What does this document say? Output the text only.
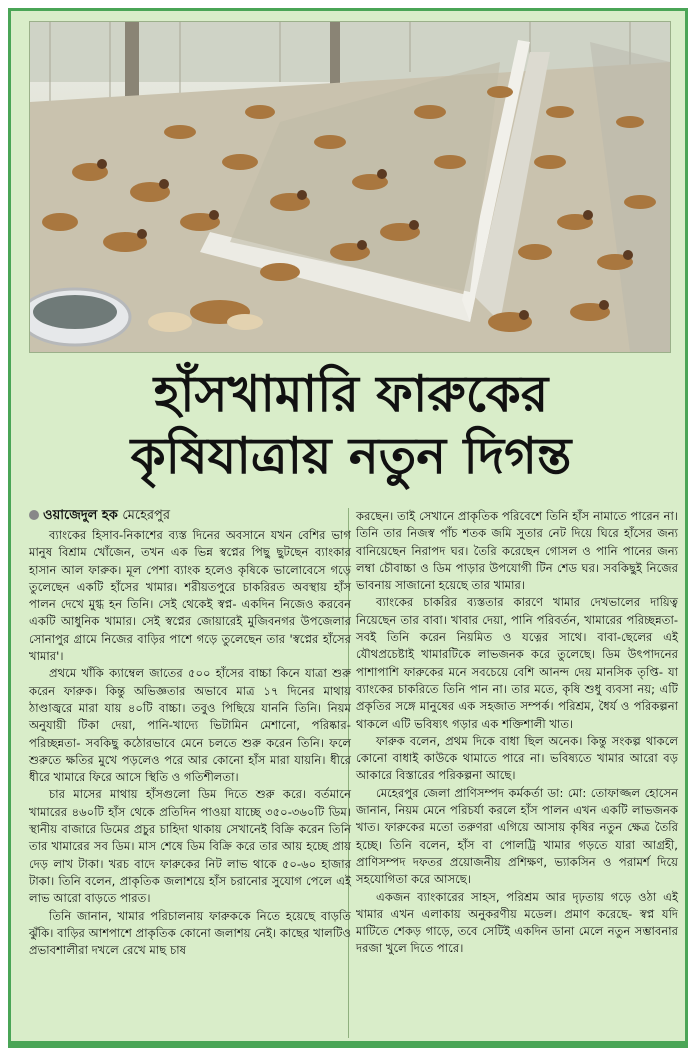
হাঁসখামারি ফারুকের
কৃষিযাত্রায় নতুন দিগন্ত
ওয়াজেদুল হক মেহেরপুর

ব্যাংকের হিসাব-নিকাশের ব্যস্ত দিনের অবসানে যখন বেশির ভাগ মানুষ বিশ্রাম খোঁজেন, তখন এক ভিন্ন স্বপ্নের পিছু ছুটছেন ব্যাংকার হাসান আল ফারুক। মূল পেশা ব্যাংক হলেও কৃষিকে ভালোবেসে গড়ে তুলেছেন একটি হাঁসের খামার। শরীয়তপুরে চাকরিরত অবস্থায় হাঁস পালন দেখে মুগ্ধ হন তিনি। সেই থেকেই স্বপ্ন- একদিন নিজেও করবেন একটি আধুনিক খামার। সেই স্বপ্নের জোয়ারেই মুজিবনগর উপজেলার সোনাপুর গ্রামে নিজের বাড়ির পাশে গড়ে তুলেছেন তার 'স্বপ্নের হাঁসের খামার'।

প্রথমে খাঁকি ক্যাম্বেল জাতের ৫০০ হাঁসের বাচ্চা কিনে যাত্রা শুরু করেন ফারুক। কিন্তু অভিজ্ঞতার অভাবে মাত্র ১৭ দিনের মাথায় ঠাণ্ডাজ্বরে মারা যায় ৪০টি বাচ্চা। তবুও পিছিয়ে যাননি তিনি। নিয়ম অনুযায়ী টিকা দেয়া, পানি-খাদ্যে ভিটামিন মেশানো, পরিষ্কার-পরিচ্ছন্নতা- সবকিছু কঠোরভাবে মেনে চলতে শুরু করেন তিনি। ফলে শুরুতে ক্ষতির মুখে পড়লেও পরে আর কোনো হাঁস মারা যায়নি। ধীরে ধীরে খামারে ফিরে আসে স্থিতি ও গতিশীলতা।

চার মাসের মাথায় হাঁসগুলো ডিম দিতে শুরু করে। বর্তমানে খামারের ৪৬০টি হাঁস থেকে প্রতিদিন পাওয়া যাচ্ছে ৩৫০-৩৬০টি ডিম। স্থানীয় বাজারে ডিমের প্রচুর চাহিদা থাকায় সেখানেই বিক্রি করেন তিনি তার খামারের সব ডিম। মাস শেষে ডিম বিক্রি করে তার আয় হচ্ছে প্রায় দেড় লাখ টাকা। খরচ বাদে ফারুকের নিট লাভ থাকে ৫০-৬০ হাজার টাকা। তিনি বলেন, প্রাকৃতিক জলাশয়ে হাঁস চরানোর সুযোগ পেলে এই লাভ আরো বাড়তে পারত।

তিনি জানান, খামার পরিচালনায় ফারুককে নিতে হয়েছে বাড়তি ঝুঁকি। বাড়ির আশপাশে প্রাকৃতিক কোনো জলাশয় নেই। কাছের খালটিও প্রভাবশালীরা দখলে রেখে মাছ চাষ

করছেন। তাই সেখানে প্রাকৃতিক পরিবেশে তিনি হাঁস নামাতে পারেন না। তিনি তার নিজস্ব পাঁচ শতক জমি সুতার নেট দিয়ে ঘিরে হাঁসের জন্য বানিয়েছেন নিরাপদ ঘর। তৈরি করেছেন গোসল ও পানি পানের জন্য লম্বা চৌবাচ্চা ও ডিম পাড়ার উপযোগী টিন শেড ঘর। সবকিছুই নিজের ভাবনায় সাজানো হয়েছে তার খামার।

ব্যাংকের চাকরির ব্যস্ততার কারণে খামার দেখভালের দায়িত্ব নিয়েছেন তার বাবা। খাবার দেয়া, পানি পরিবর্তন, খামারের পরিচ্ছন্নতা- সবই তিনি করেন নিয়মিত ও যত্নের সাথে। বাবা-ছেলের এই যৌথপ্রচেষ্টাই খামারটিকে লাভজনক করে তুলেছে। ডিম উৎপাদনের পাশাপাশি ফারুকের মনে সবচেয়ে বেশি আনন্দ দেয় মানসিক তৃপ্তি- যা ব্যাংকের চাকরিতে তিনি পান না। তার মতে, কৃষি শুধু ব্যবসা নয়; এটি প্রকৃতির সঙ্গে মানুষের এক সহজাত সম্পর্ক। পরিশ্রম, ধৈর্য ও পরিকল্পনা থাকলে এটি ভবিষ্যৎ গড়ার এক শক্তিশালী খাত।

ফারুক বলেন, প্রথম দিকে বাধা ছিল অনেক। কিন্তু সংকল্প থাকলে কোনো বাধাই কাউকে থামাতে পারে না। ভবিষ্যতে খামার আরো বড় আকারে বিস্তারের পরিকল্পনা আছে।

মেহেরপুর জেলা প্রাণিসম্পদ কর্মকর্তা ডা: মো: তোফাজ্জল হোসেন জানান, নিয়ম মেনে পরিচর্যা করলে হাঁস পালন এখন একটি লাভজনক খাত। ফারুকের মতো তরুণরা এগিয়ে আসায় কৃষির নতুন ক্ষেত্র তৈরি হচ্ছে। তিনি বলেন, হাঁস বা পোলট্রি খামার গড়তে যারা আগ্রহী, প্রাণিসম্পদ দফতর প্রয়োজনীয় প্রশিক্ষণ, ভ্যাকসিন ও পরামর্শ দিয়ে সহযোগিতা করে আসছে।

একজন ব্যাংকারের সাহস, পরিশ্রম আর দৃঢ়তায় গড়ে ওঠা এই খামার এখন এলাকায় অনুকরণীয় মডেল। প্রমাণ করেছে- স্বপ্ন যদি মাটিতে শেকড় গাড়ে, তবে সেটিই একদিন ডানা মেলে নতুন সম্ভাবনার দরজা খুলে দিতে পারে।
